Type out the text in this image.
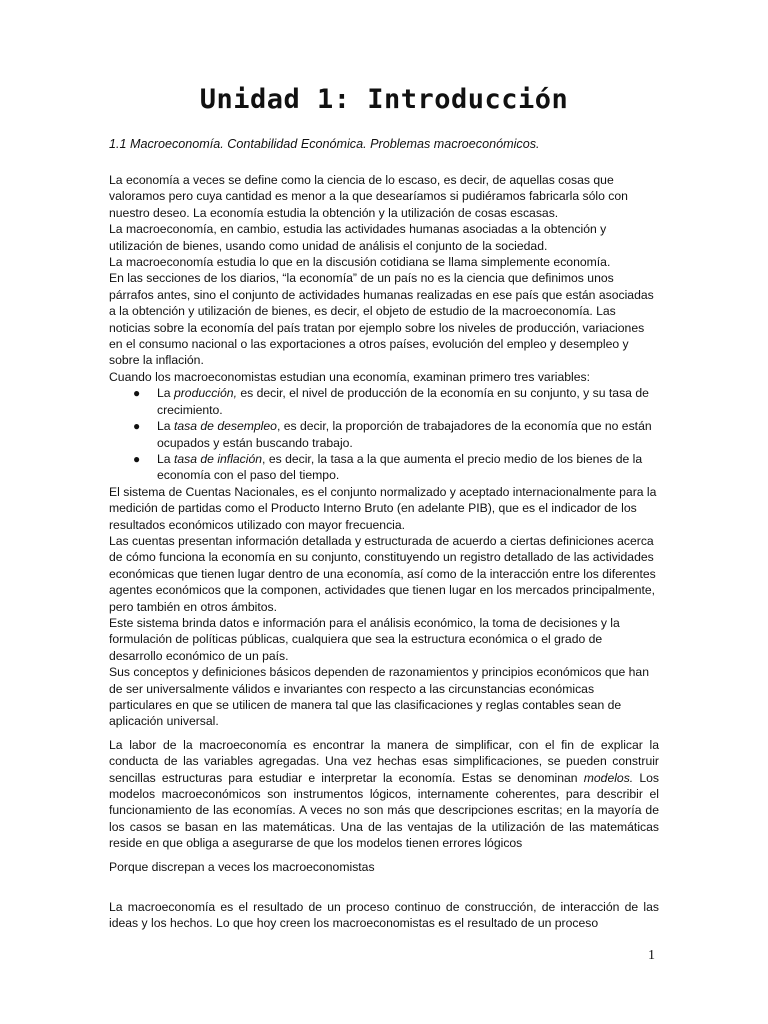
Unidad 1: Introducción

1.1 Macroeconomía. Contabilidad Económica. Problemas macroeconómicos.

La economía a veces se define como la ciencia de lo escaso, es decir, de aquellas cosas que valoramos pero cuya cantidad es menor a la que desearíamos si pudiéramos fabricarla sólo con nuestro deseo. La economía estudia la obtención y la utilización de cosas escasas.

La macroeconomía, en cambio, estudia las actividades humanas asociadas a la obtención y utilización de bienes, usando como unidad de análisis el conjunto de la sociedad.

La macroeconomía estudia lo que en la discusión cotidiana se llama simplemente economía.

En las secciones de los diarios, “la economía” de un país no es la ciencia que definimos unos párrafos antes, sino el conjunto de actividades humanas realizadas en ese país que están asociadas a la obtención y utilización de bienes, es decir, el objeto de estudio de la macroeconomía. Las noticias sobre la economía del país tratan por ejemplo sobre los niveles de producción, variaciones en el consumo nacional o las exportaciones a otros países, evolución del empleo y desempleo y sobre la inflación.

Cuando los macroeconomistas estudian una economía, examinan primero tres variables:

● La producción, es decir, el nivel de producción de la economía en su conjunto, y su tasa de crecimiento.
● La tasa de desempleo, es decir, la proporción de trabajadores de la economía que no están ocupados y están buscando trabajo.
● La tasa de inflación, es decir, la tasa a la que aumenta el precio medio de los bienes de la economía con el paso del tiempo.

El sistema de Cuentas Nacionales, es el conjunto normalizado y aceptado internacionalmente para la medición de partidas como el Producto Interno Bruto (en adelante PIB), que es el indicador de los resultados económicos utilizado con mayor frecuencia.

Las cuentas presentan información detallada y estructurada de acuerdo a ciertas definiciones acerca de cómo funciona la economía en su conjunto, constituyendo un registro detallado de las actividades económicas que tienen lugar dentro de una economía, así como de la interacción entre los diferentes agentes económicos que la componen, actividades que tienen lugar en los mercados principalmente, pero también en otros ámbitos.

Este sistema brinda datos e información para el análisis económico, la toma de decisiones y la formulación de políticas públicas, cualquiera que sea la estructura económica o el grado de desarrollo económico de un país.

Sus conceptos y definiciones básicos dependen de razonamientos y principios económicos que han de ser universalmente válidos e invariantes con respecto a las circunstancias económicas particulares en que se utilicen de manera tal que las clasificaciones y reglas contables sean de aplicación universal.

La labor de la macroeconomía es encontrar la manera de simplificar, con el fin de explicar la conducta de las variables agregadas. Una vez hechas esas simplificaciones, se pueden construir sencillas estructuras para estudiar e interpretar la economía. Estas se denominan modelos. Los modelos macroeconómicos son instrumentos lógicos, internamente coherentes, para describir el funcionamiento de las economías. A veces no son más que descripciones escritas; en la mayoría de los casos se basan en las matemáticas. Una de las ventajas de la utilización de las matemáticas reside en que obliga a asegurarse de que los modelos tienen errores lógicos

Porque discrepan a veces los macroeconomistas

La macroeconomía es el resultado de un proceso continuo de construcción, de interacción de las ideas y los hechos. Lo que hoy creen los macroeconomistas es el resultado de un proceso

1
